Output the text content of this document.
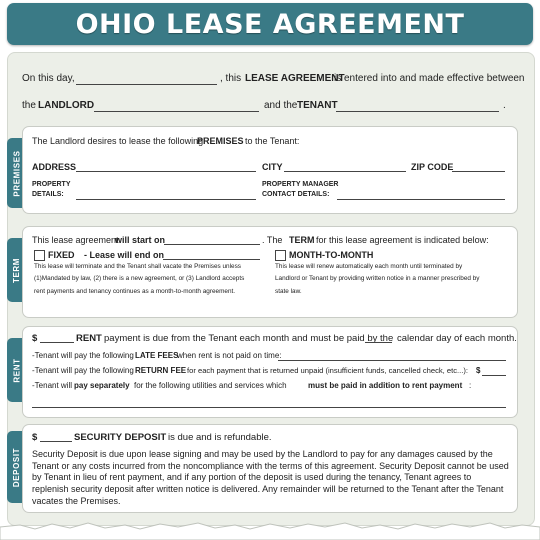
OHIO LEASE AGREEMENT
On this day,	, this LEASE AGREEMENT
is entered into and made effective between
the LANDLORD	and the TENANT	.
PREMISES
The Landlord desires to lease the following
PREMISES to the Tenant:
ADDRESS	CITY	ZIP CODE
PROPERTY
DETAILS:
PROPERTY MANAGER
CONTACT DETAILS:
TERM
This lease agreement
will start on	. The TERM for this lease agreement is indicated below:
FIXED - Lease will end on
This lease will terminate and the Tenant shall vacate the Premises unless
(1)Mandated by law, (2) there is a new agreement, or (3) Landlord accepts
rent payments and tenancy continues as a month-to-month agreement.
MONTH-TO-MONTH
This lease will renew automatically each month until terminated by
Landlord or Tenant by providing written notice in a manner prescribed by
state law.
RENT
$	RENT payment is due from the Tenant each month and must be paid by the calendar day of each month.
-Tenant will pay the following LATE FEES
when rent is not paid on time:
-Tenant will pay the following RETURN FEE for each payment that is returned unpaid (insufficient funds, cancelled check, etc...): $
-Tenant will pay separately for the following utilities and services which	must be paid in addition to rent payment :
DEPOSIT
$	SECURITY DEPOSIT is due and is refundable.
Security Deposit is due upon lease signing and may be used by the Landlord to pay for any damages caused by the Tenant or any costs incurred from the noncompliance with the terms of this agreement. Security Deposit cannot be used by Tenant in lieu of rent payment, and if any portion of the deposit is used during the tenancy, Tenant agrees to replenish security deposit after written notice is delivered. Any remainder will be returned to the Tenant after the Tenant vacates the Premises.
